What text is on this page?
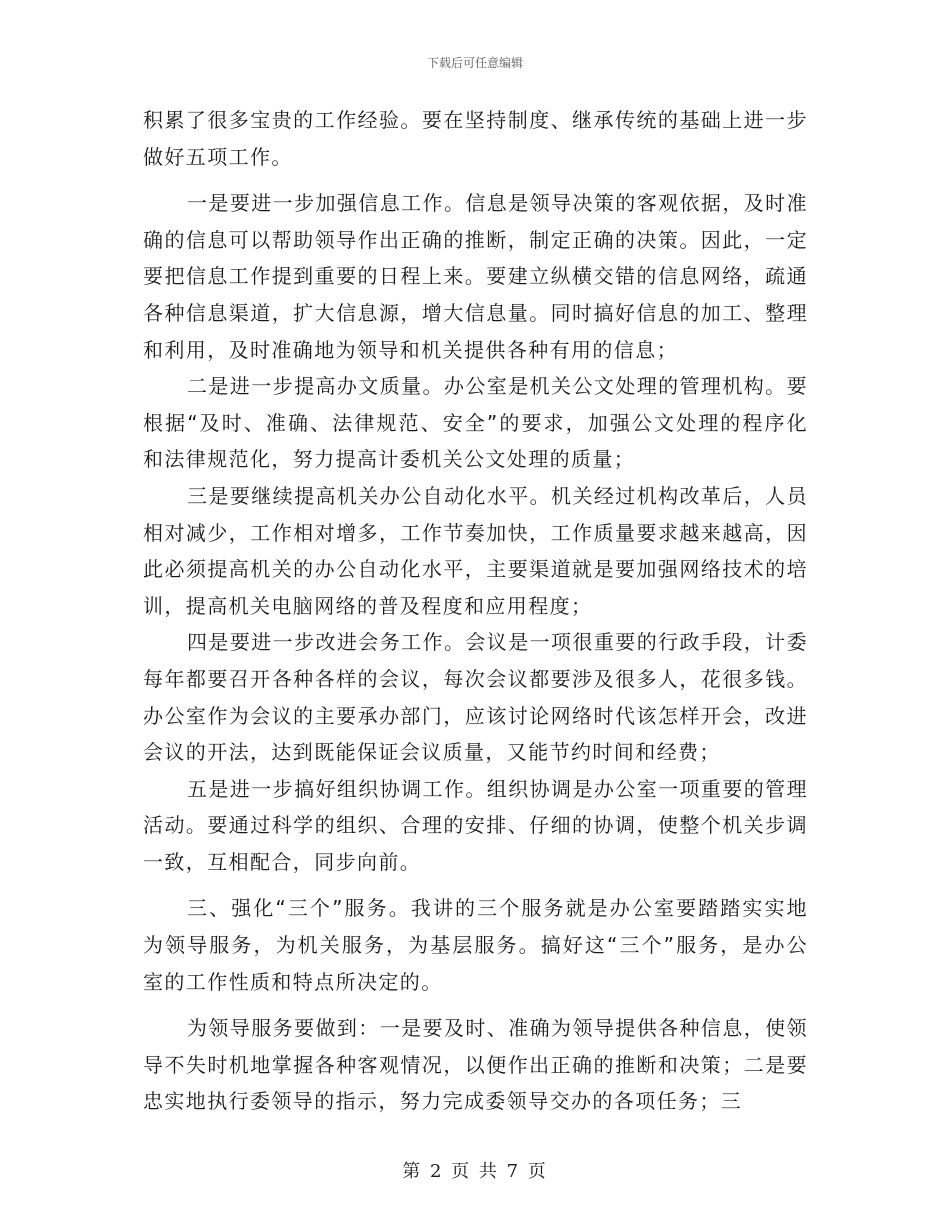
下载后可任意编辑

积累了很多宝贵的工作经验。要在坚持制度、继承传统的基础上进一步做好五项工作。

一是要进一步加强信息工作。信息是领导决策的客观依据，及时准确的信息可以帮助领导作出正确的推断，制定正确的决策。因此，一定要把信息工作提到重要的日程上来。要建立纵横交错的信息网络，疏通各种信息渠道，扩大信息源，增大信息量。同时搞好信息的加工、整理和利用，及时准确地为领导和机关提供各种有用的信息；

二是进一步提高办文质量。办公室是机关公文处理的管理机构。要根据“及时、准确、法律规范、安全”的要求，加强公文处理的程序化和法律规范化，努力提高计委机关公文处理的质量；

三是要继续提高机关办公自动化水平。机关经过机构改革后，人员相对减少，工作相对增多，工作节奏加快，工作质量要求越来越高，因此必须提高机关的办公自动化水平，主要渠道就是要加强网络技术的培训，提高机关电脑网络的普及程度和应用程度；

四是要进一步改进会务工作。会议是一项很重要的行政手段，计委每年都要召开各种各样的会议，每次会议都要涉及很多人，花很多钱。办公室作为会议的主要承办部门，应该讨论网络时代该怎样开会，改进会议的开法，达到既能保证会议质量，又能节约时间和经费；

五是进一步搞好组织协调工作。组织协调是办公室一项重要的管理活动。要通过科学的组织、合理的安排、仔细的协调，使整个机关步调一致，互相配合，同步向前。

三、强化“三个”服务。我讲的三个服务就是办公室要踏踏实实地为领导服务，为机关服务，为基层服务。搞好这“三个”服务，是办公室的工作性质和特点所决定的。

为领导服务要做到：一是要及时、准确为领导提供各种信息，使领导不失时机地掌握各种客观情况，以便作出正确的推断和决策；二是要忠实地执行委领导的指示，努力完成委领导交办的各项任务；三

第 2 页 共 7 页
